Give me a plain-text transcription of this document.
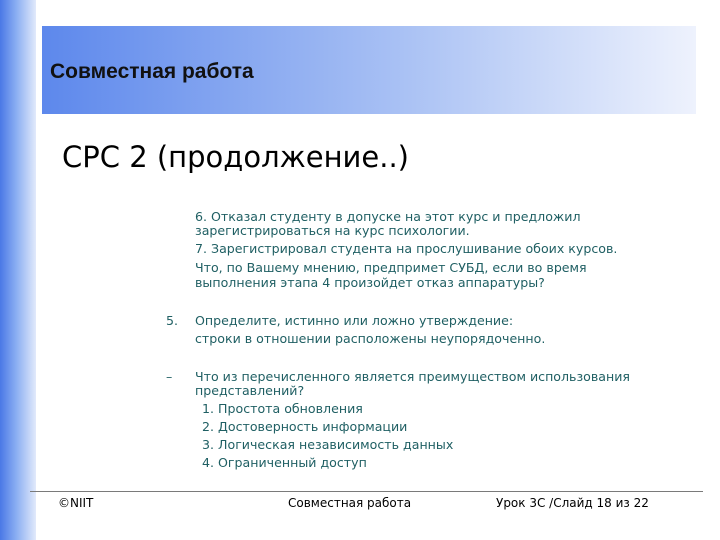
Совместная работа
СРС 2 (продолжение..)
6. Отказал студенту в допуске на этот курс и предложил
зарегистрироваться на курс психологии.
7. Зарегистрировал студента на прослушивание обоих курсов.
Что, по Вашему мнению, предпримет СУБД, если во время
выполнения этапа 4 произойдет отказ аппаратуры?
5. Определите, истинно или ложно утверждение:
строки в отношении расположены неупорядоченно.
– Что из перечисленного является преимуществом использования
представлений?
1. Простота обновления
2. Достоверность информации
3. Логическая независимость данных
4. Ограниченный доступ
©NIIT	Совместная работа	Урок 3С /Слайд 18 из 22
